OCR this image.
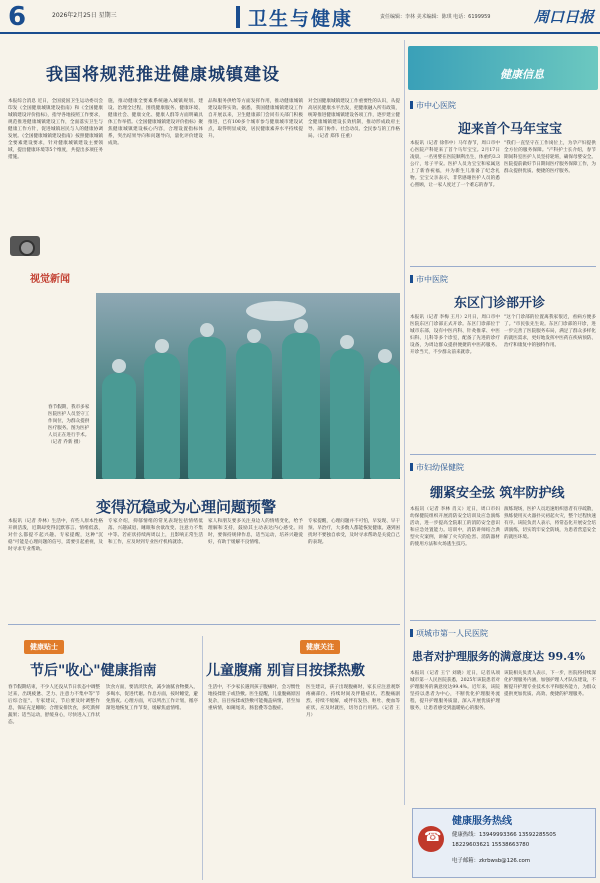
6	2026年2月25日 星期三	卫生与健康	责任编辑：李林 美术编辑：陈琪 电话：6199959	周口日报
我国将规范推进健康城镇建设
本报综合消息 近日，全国爱国卫生运动委员会印发《全国健康城镇建设指南》和《全国健康城镇建设评价指标》，指导各地按照工作要求，规范推进健康城镇建设工作，全面落实卫生与健康工作方针，促进城镇居民与人的健康协调发展。《全国健康城镇建设指南》按照健康城镇全要素建设要求，针对健康城镇建设主要领域，提出健康环境等5个维度，共提出多项任务措施。
施，推动健康全要素系统融入城镇规划、建设、治理全过程，围绕健康服务、健康环境、健康社会、健康文化、健康人群等方面明确具体工作举措。《全国健康城镇建设评价指标》聚焦健康城镇建设核心内容，合理设置指标体系，突出结果导向和问题导向，量化评价建设成效。
品和服务供给等方面发挥作用，推动健康城镇建设取得实效。据悉，我国健康城镇建设工作自开展以来，卫生健康部门会同有关部门积极推进，已有100多个城市参与健康城市建设试点，取得明显成效，居民健康素养水平持续提升。
对全国健康城镇建设工作重要性的认识，从提高居民健康水平出发，把健康融入所有政策，统筹推进健康城镇建设各项工作，逐步建立健全健康城镇建设长效机制，推动形成政府主导、部门协作、社会动员、全民参与的工作格局。（记者 郑伟 任重）
健康信息
市中心医院
迎来首个马年宝宝
本报讯（记者 徐伟中）马年春节，周口市中心医院产科迎来了首个马年宝宝。2月17日凌晨，一名男婴在医院顺利出生，体重约3.3公斤，母子平安。医护人员为宝宝和家属送上了新春祝福，并为新生儿准备了纪念礼物。宝宝父亲表示，非常感谢医护人员的悉心照顾，让一家人度过了一个难忘的春节。
"我们一直坚守在工作岗位上，为孕产妇提供全方位的服务保障。"产科护士长介绍，春节期间科室医护人员坚持轮班，确保母婴安全。医院提前做好节日期间医疗服务保障工作，为群众提供优质、便捷的医疗服务。
市中医院
东区门诊部开诊
本报讯（记者 李梅 王月）2月日，周口市中医院东区门诊部正式开诊。东区门诊部位于城市东部，设有中医内科、针灸推拿、中医妇科、儿科等多个诊室，配备了先进的诊疗设备，为周边群众提供便捷的中医药服务。开诊当天，不少群众前来就诊。
"这个门诊部的位置离我家很近，看病方便多了。"市民张先生说。东区门诊部的开诊，进一步完善了医院服务布局，满足了群众多样化的就医需求，更好地发挥中医药在疾病预防、治疗和康复中的独特作用。
市妇幼保健院
绷紧安全弦 筑牢防护线
本报讯（记者 李林 肖义）近日，周口市妇幼保健院组织开展消防安全培训及应急演练活动，进一步提高全院职工的消防安全意识和应急处置能力。培训中，消防讲师结合典型火灾案例，讲解了火灾的危害、消防器材的使用方法和火场逃生技巧。
演练现场，医护人员迅速组织患者有序疏散，熟练使用灭火器扑灭初起火灾，整个过程快速有序。该院负责人表示，将常态化开展安全培训演练，切实筑牢安全防线，为患者营造安全的就医环境。
项城市第一人民医院
患者对护理服务的满意度达 99.4%
本报讯（记者 王宁 刘晓）近日，记者从项城市第一人民医院获悉，2025年该院患者对护理服务的满意度达99.4%。近年来，该院坚持以患者为中心，不断优化护理服务流程，提升护理服务质量，深入开展优质护理服务，让患者感受到温暖贴心的服务。
该院相关负责人表示，下一步，医院将持续深化护理服务内涵，加强护理人才队伍建设，不断提升护理专业技术水平和服务能力，为群众提供更加优质、高效、便捷的护理服务。
视觉新闻
春节假期，我市多家医院医护人员坚守工作岗位，为群众提供医疗服务。图为医护人员正在进行手术。（记者 乔新 摄）
变得沉稳或为心理问题预警
本报讯（记者 乔林）生活中，有些人原本性格开朗活泼，近期却变得沉默寡言、情绪低落，对什么都提不起兴趣。专家提醒，这种"沉稳"可能是心理问题的信号，需要引起重视，及时寻求专业帮助。
专家介绍，抑郁情绪的常见表现包括情绪低落、兴趣减退、睡眠和食欲改变、注意力不集中等。若症状持续两周以上，且影响正常生活和工作，应及时到专业医疗机构就诊。
家人和朋友要多关注身边人的情绪变化，给予理解和支持，鼓励其主动表达内心感受。同时，要保持规律作息，适当运动，培养兴趣爱好，有助于缓解不良情绪。
专家提醒，心理问题并不可怕，早发现、早干预、早治疗，大多数人都能恢复健康。遇到困扰时不要独自承受，及时寻求帮助是关爱自己的表现。
健康贴士	健康关注
节后"收心"健康指南	儿童腹痛 别盲目按揉热敷
春节假期结束，不少人还没从节日状态中调整过来，出现疲惫、乏力、注意力不集中等"节后综合征"。专家建议，节后要及时调整作息，保证充足睡眠；合理安排饮食，多吃新鲜蔬果；适当运动，舒缓身心，尽快进入工作状态。
饮食方面，要清淡饮食，减少油腻食物摄入，多喝水，促进代谢。作息方面，按时睡觉，避免熬夜。心理方面，可以列出工作计划，循序渐进地恢复工作节奏，缓解焦虑情绪。
生活中，不少家长遇到孩子腹痛时，会习惯性地按揉肚子或热敷。医生提醒，儿童腹痛原因复杂，盲目按揉或热敷可能掩盖病情，甚至加重病情，如阑尾炎、肠套叠等急腹症。
医生建议，孩子出现腹痛时，家长应注意观察疼痛部位、持续时间及伴随症状。若腹痛剧烈、持续不缓解，或伴有发热、呕吐、便血等症状，应及时就医，切勿自行用药。（记者 王月）
☎
健康服务热线
健康热线：13949993366 13592285505
18229603621 15538663780
电子邮箱：zkrbwsb@126.com
